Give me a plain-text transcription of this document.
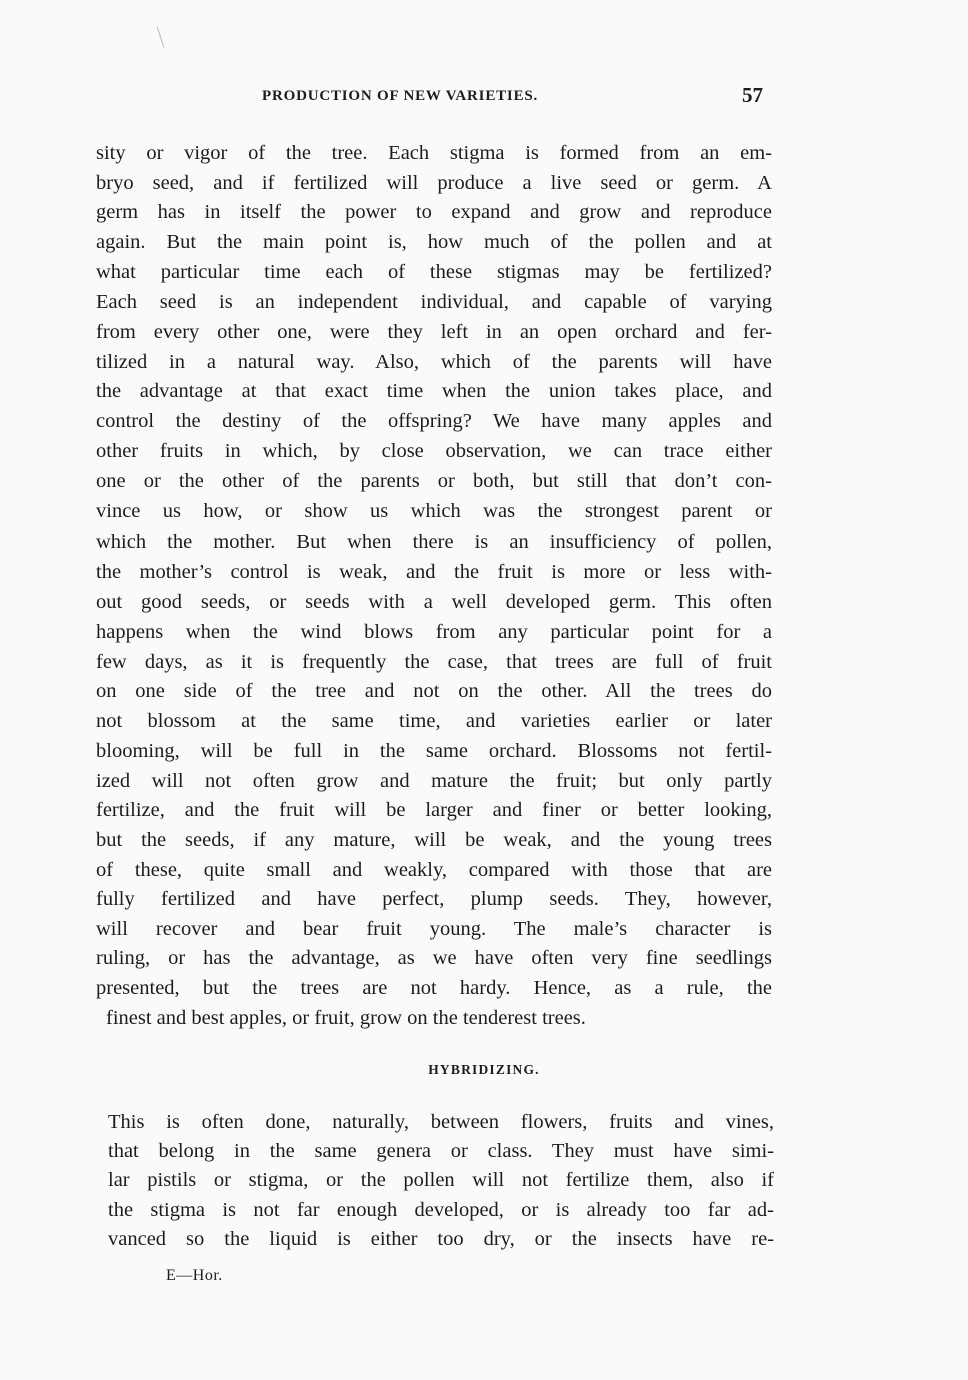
PRODUCTION OF NEW VARIETIES.	57
sity or vigor of the tree. Each stigma is formed from an em-
bryo seed, and if fertilized will produce a live seed or germ. A
germ has in itself the power to expand and grow and reproduce
again. But the main point is, how much of the pollen and at
what particular time each of these stigmas may be fertilized?
Each seed is an independent individual, and capable of varying
from every other one, were they left in an open orchard and fer-
tilized in a natural way. Also, which of the parents will have
the advantage at that exact time when the union takes place, and
control the destiny of the offspring? We have many apples and
other fruits in which, by close observation, we can trace either
one or the other of the parents or both, but still that don’t con-
vince us how, or show us which was the strongest parent or
which the mother. But when there is an insufficiency of pollen,
the mother’s control is weak, and the fruit is more or less with-
out good seeds, or seeds with a well developed germ. This often
happens when the wind blows from any particular point for a
few days, as it is frequently the case, that trees are full of fruit
on one side of the tree and not on the other. All the trees do
not blossom at the same time, and varieties earlier or later
blooming, will be full in the same orchard. Blossoms not fertil-
ized will not often grow and mature the fruit; but only partly
fertilize, and the fruit will be larger and finer or better looking,
but the seeds, if any mature, will be weak, and the young trees
of these, quite small and weakly, compared with those that are
fully fertilized and have perfect, plump seeds. They, however,
will recover and bear fruit young. The male’s character is
ruling, or has the advantage, as we have often very fine seedlings
presented, but the trees are not hardy. Hence, as a rule, the
finest and best apples, or fruit, grow on the tenderest trees.
HYBRIDIZING.
This is often done, naturally, between flowers, fruits and vines,
that belong in the same genera or class. They must have simi-
lar pistils or stigma, or the pollen will not fertilize them, also if
the stigma is not far enough developed, or is already too far ad-
vanced so the liquid is either too dry, or the insects have re-
E—Hor.
